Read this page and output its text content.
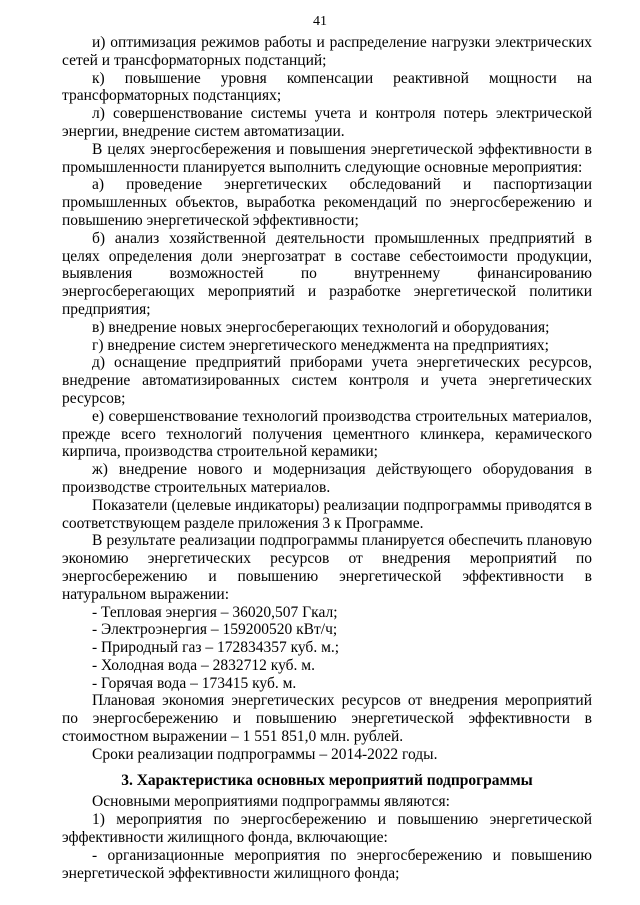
41

и) оптимизация режимов работы и распределение нагрузки электрических сетей и трансформаторных подстанций;

к) повышение уровня компенсации реактивной мощности на трансформаторных подстанциях;

л) совершенствование системы учета и контроля потерь электрической энергии, внедрение систем автоматизации.

В целях энергосбережения и повышения энергетической эффективности в промышленности планируется выполнить следующие основные мероприятия:

а) проведение энергетических обследований и паспортизации промышленных объектов, выработка рекомендаций по энергосбережению и повышению энергетической эффективности;

б) анализ хозяйственной деятельности промышленных предприятий в целях определения доли энергозатрат в составе себестоимости продукции, выявления возможностей по внутреннему финансированию энергосберегающих мероприятий и разработке энергетической политики предприятия;

в) внедрение новых энергосберегающих технологий и оборудования;

г) внедрение систем энергетического менеджмента на предприятиях;

д) оснащение предприятий приборами учета энергетических ресурсов, внедрение автоматизированных систем контроля и учета энергетических ресурсов;

е) совершенствование технологий производства строительных материалов, прежде всего технологий получения цементного клинкера, керамического кирпича, производства строительной керамики;

ж) внедрение нового и модернизация действующего оборудования в производстве строительных материалов.

Показатели (целевые индикаторы) реализации подпрограммы приводятся в соответствующем разделе приложения 3 к Программе.

В результате реализации подпрограммы планируется обеспечить плановую экономию энергетических ресурсов от внедрения мероприятий по энергосбережению и повышению энергетической эффективности в натуральном выражении:

- Тепловая энергия – 36020,507 Гкал;

- Электроэнергия – 159200520 кВт/ч;

- Природный газ – 172834357 куб. м.;

- Холодная вода – 2832712 куб. м.

- Горячая вода – 173415 куб. м.

Плановая экономия энергетических ресурсов от внедрения мероприятий по энергосбережению и повышению энергетической эффективности в стоимостном выражении – 1 551 851,0 млн. рублей.

Сроки реализации подпрограммы – 2014-2022 годы.

3. Характеристика основных мероприятий подпрограммы

Основными мероприятиями подпрограммы являются:

1) мероприятия по энергосбережению и повышению энергетической эффективности жилищного фонда, включающие:

- организационные мероприятия по энергосбережению и повышению энергетической эффективности жилищного фонда;
